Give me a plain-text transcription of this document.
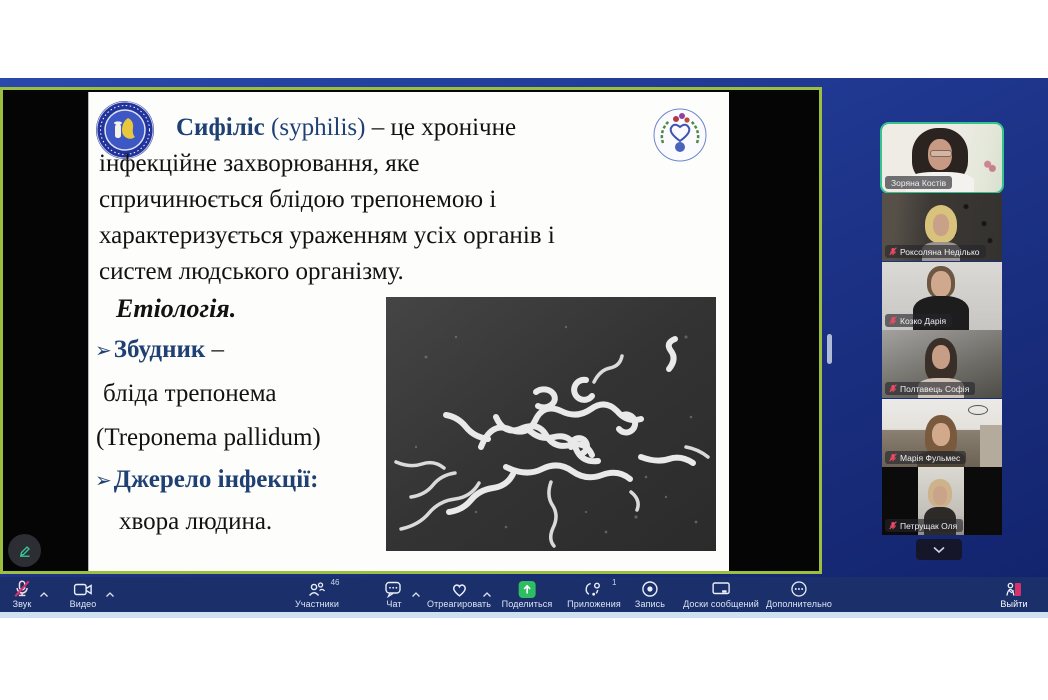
Сифіліс (syphilis) – це хронічне
інфекційне захворювання, яке
спричинюється блідою трепонемою і
характеризується ураженням усіх органів і
систем людського організму.
Етіологія.
➢Збудник –
бліда трепонема
(Treponema pallidum)
➢Джерело інфекції:
хвора людина.
Зоряна Костів
Роксоляна Неділько
Козко Дарія
Полтавець Софія
Марія Фульмес
Петрущак Оля
Звук	Видео
46
Участники	Чат	Отреагировать Поделиться
1
Приложения Запись Доски сообщений Дополнительно	Выйти
